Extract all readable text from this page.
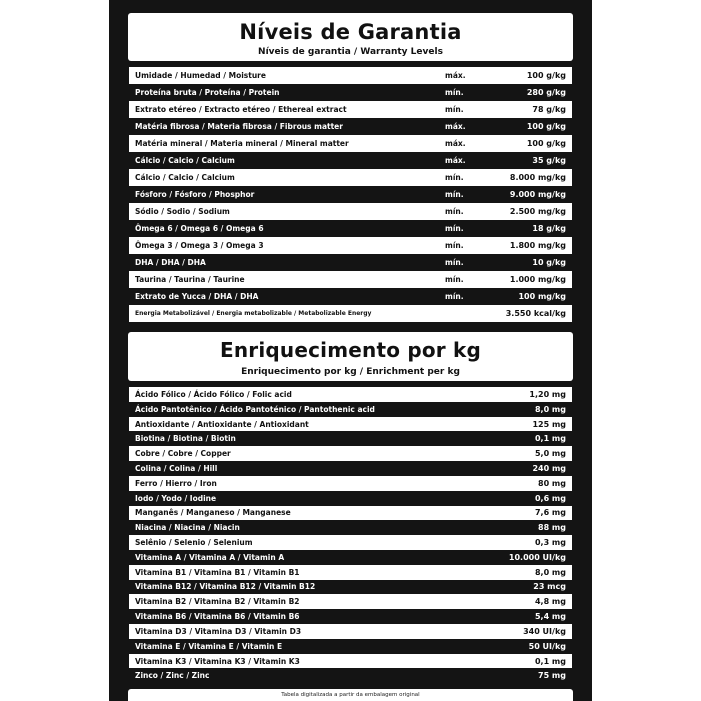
Níveis de Garantia
Níveis de garantia / Warranty Levels
Umidade / Humedad / Moisture	máx.	100 g/kg
Proteína bruta / Proteína / Protein	mín.	280 g/kg
Extrato etéreo / Extracto etéreo / Ethereal extract	mín.	78 g/kg
Matéria fibrosa / Materia fibrosa / Fibrous matter	máx.	100 g/kg
Matéria mineral / Materia mineral / Mineral matter	máx.	100 g/kg
Cálcio / Calcio / Calcium	máx.	35 g/kg
Cálcio / Calcio / Calcium	mín.	8.000 mg/kg
Fósforo / Fósforo / Phosphor	mín.	9.000 mg/kg
Sódio / Sodio / Sodium	mín.	2.500 mg/kg
Ômega 6 / Omega 6 / Omega 6	mín.	18 g/kg
Ômega 3 / Omega 3 / Omega 3	mín.	1.800 mg/kg
DHA / DHA / DHA	mín.	10 g/kg
Taurina / Taurina / Taurine	mín.	1.000 mg/kg
Extrato de Yucca / DHA / DHA	mín.	100 mg/kg
Energia Metabolizável / Energia metabolizable / Metabolizable Energy		3.550 kcal/kg
Enriquecimento por kg
Enriquecimento por kg / Enrichment per kg
Ácido Fólico / Ácido Fólico / Folic acid	1,20 mg
Ácido Pantotênico / Ácido Pantoténico / Pantothenic acid	8,0 mg
Antioxidante / Antioxidante / Antioxidant	125 mg
Biotina / Biotina / Biotin	0,1 mg
Cobre / Cobre / Copper	5,0 mg
Colina / Colina / Hill	240 mg
Ferro / Hierro / Iron	80 mg
Iodo / Yodo / Iodine	0,6 mg
Manganês / Manganeso / Manganese	7,6 mg
Niacina / Niacina / Niacin	88 mg
Selênio / Selenio / Selenium	0,3 mg
Vitamina A / Vitamina A / Vitamin A	10.000 UI/kg
Vitamina B1 / Vitamina B1 / Vitamin B1	8,0 mg
Vitamina B12 / Vitamina B12 / Vitamin B12	23 mcg
Vitamina B2 / Vitamina B2 / Vitamin B2	4,8 mg
Vitamina B6 / Vitamina B6 / Vitamin B6	5,4 mg
Vitamina D3 / Vitamina D3 / Vitamin D3	340 UI/kg
Vitamina E / Vitamina E / Vitamin E	50 UI/kg
Vitamina K3 / Vitamina K3 / Vitamin K3	0,1 mg
Zinco / Zinc / Zinc	75 mg
Tabela digitalizada a partir da embalagem original
